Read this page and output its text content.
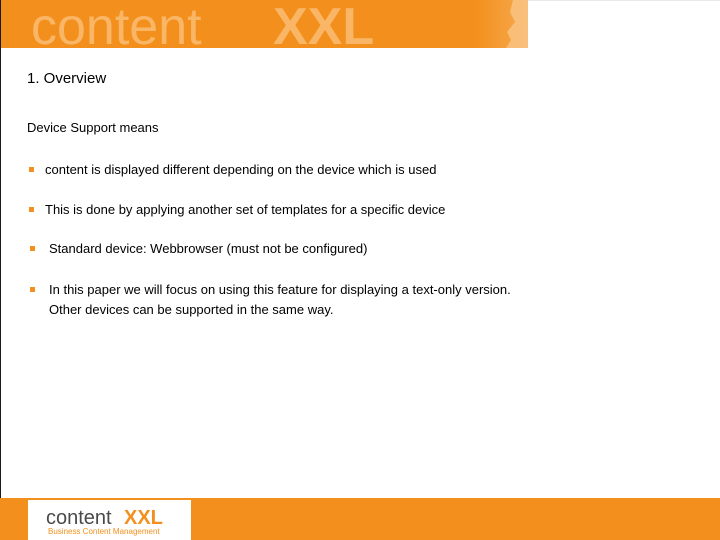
content XXL
1. Overview
Device Support means
content is displayed different depending on the device which is used
This is done by applying another set of templates for a specific device
Standard device: Webbrowser (must not be configured)
In this paper we will focus on using this feature for displaying a text-only version.
Other devices can be supported in the same way.
content XXL
Business Content Management
